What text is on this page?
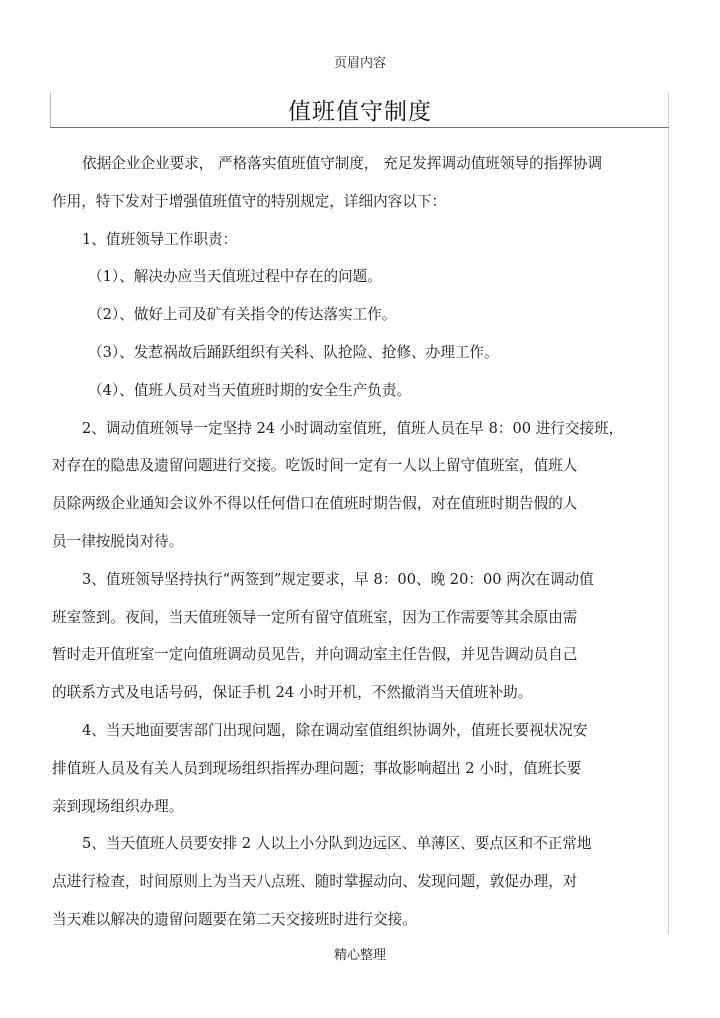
页眉内容
值班值守制度
依据企业企业要求， 严格落实值班值守制度， 充足发挥调动值班领导的指挥协调
作用，特下发对于增强值班值守的特别规定，详细内容以下：
1、值班领导工作职责：
（1）、解决办应当天值班过程中存在的问题。
（2）、做好上司及矿有关指令的传达落实工作。
（3）、发惹祸故后踊跃组织有关科、队抢险、抢修、办理工作。
（4）、值班人员对当天值班时期的安全生产负责。
2、调动值班领导一定坚持 24 小时调动室值班，值班人员在早 8：00 进行交接班，
对存在的隐患及遗留问题进行交接。吃饭时间一定有一人以上留守值班室，值班人
员除两级企业通知会议外不得以任何借口在值班时期告假，对在值班时期告假的人
员一律按脱岗对待。
3、值班领导坚持执行“两签到”规定要求，早 8：00、晚 20：00 两次在调动值
班室签到。夜间，当天值班领导一定所有留守值班室，因为工作需要等其余原由需
暂时走开值班室一定向值班调动员见告，并向调动室主任告假，并见告调动员自己
的联系方式及电话号码，保证手机 24 小时开机，不然撤消当天值班补助。
4、当天地面要害部门出现问题，除在调动室值组织协调外，值班长要视状况安
排值班人员及有关人员到现场组织指挥办理问题；事故影响超出 2 小时，值班长要
亲到现场组织办理。
5、当天值班人员要安排 2 人以上小分队到边远区、单薄区、要点区和不正常地
点进行检查，时间原则上为当天八点班、随时掌握动向、发现问题，敦促办理，对
当天难以解决的遗留问题要在第二天交接班时进行交接。
精心整理
